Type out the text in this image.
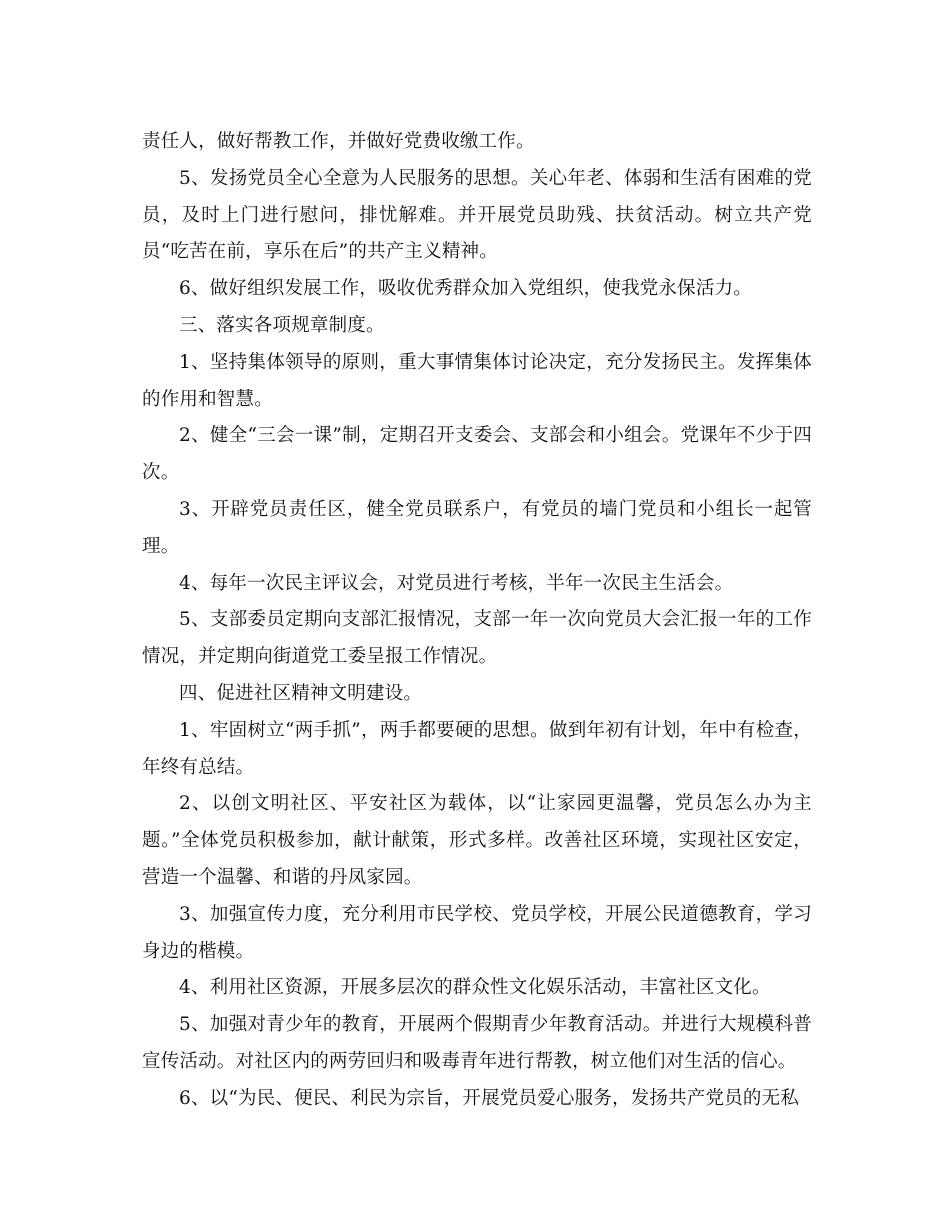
责任人，做好帮教工作，并做好党费收缴工作。

5、发扬党员全心全意为人民服务的思想。关心年老、体弱和生活有困难的党员，及时上门进行慰问，排忧解难。并开展党员助残、扶贫活动。树立共产党员“吃苦在前，享乐在后”的共产主义精神。

6、做好组织发展工作，吸收优秀群众加入党组织，使我党永保活力。

三、落实各项规章制度。

1、坚持集体领导的原则，重大事情集体讨论决定，充分发扬民主。发挥集体的作用和智慧。

2、健全“三会一课”制，定期召开支委会、支部会和小组会。党课年不少于四次。

3、开辟党员责任区，健全党员联系户，有党员的墙门党员和小组长一起管理。

4、每年一次民主评议会，对党员进行考核，半年一次民主生活会。

5、支部委员定期向支部汇报情况，支部一年一次向党员大会汇报一年的工作情况，并定期向街道党工委呈报工作情况。

四、促进社区精神文明建设。

1、牢固树立“两手抓”，两手都要硬的思想。做到年初有计划，年中有检查，年终有总结。

2、以创文明社区、平安社区为载体，以“让家园更温馨，党员怎么办为主题。”全体党员积极参加，献计献策，形式多样。改善社区环境，实现社区安定，营造一个温馨、和谐的丹凤家园。

3、加强宣传力度，充分利用市民学校、党员学校，开展公民道德教育，学习身边的楷模。

4、利用社区资源，开展多层次的群众性文化娱乐活动，丰富社区文化。

5、加强对青少年的教育，开展两个假期青少年教育活动。并进行大规模科普宣传活动。对社区内的两劳回归和吸毒青年进行帮教，树立他们对生活的信心。

6、以“为民、便民、利民为宗旨，开展党员爱心服务，发扬共产党员的无私
